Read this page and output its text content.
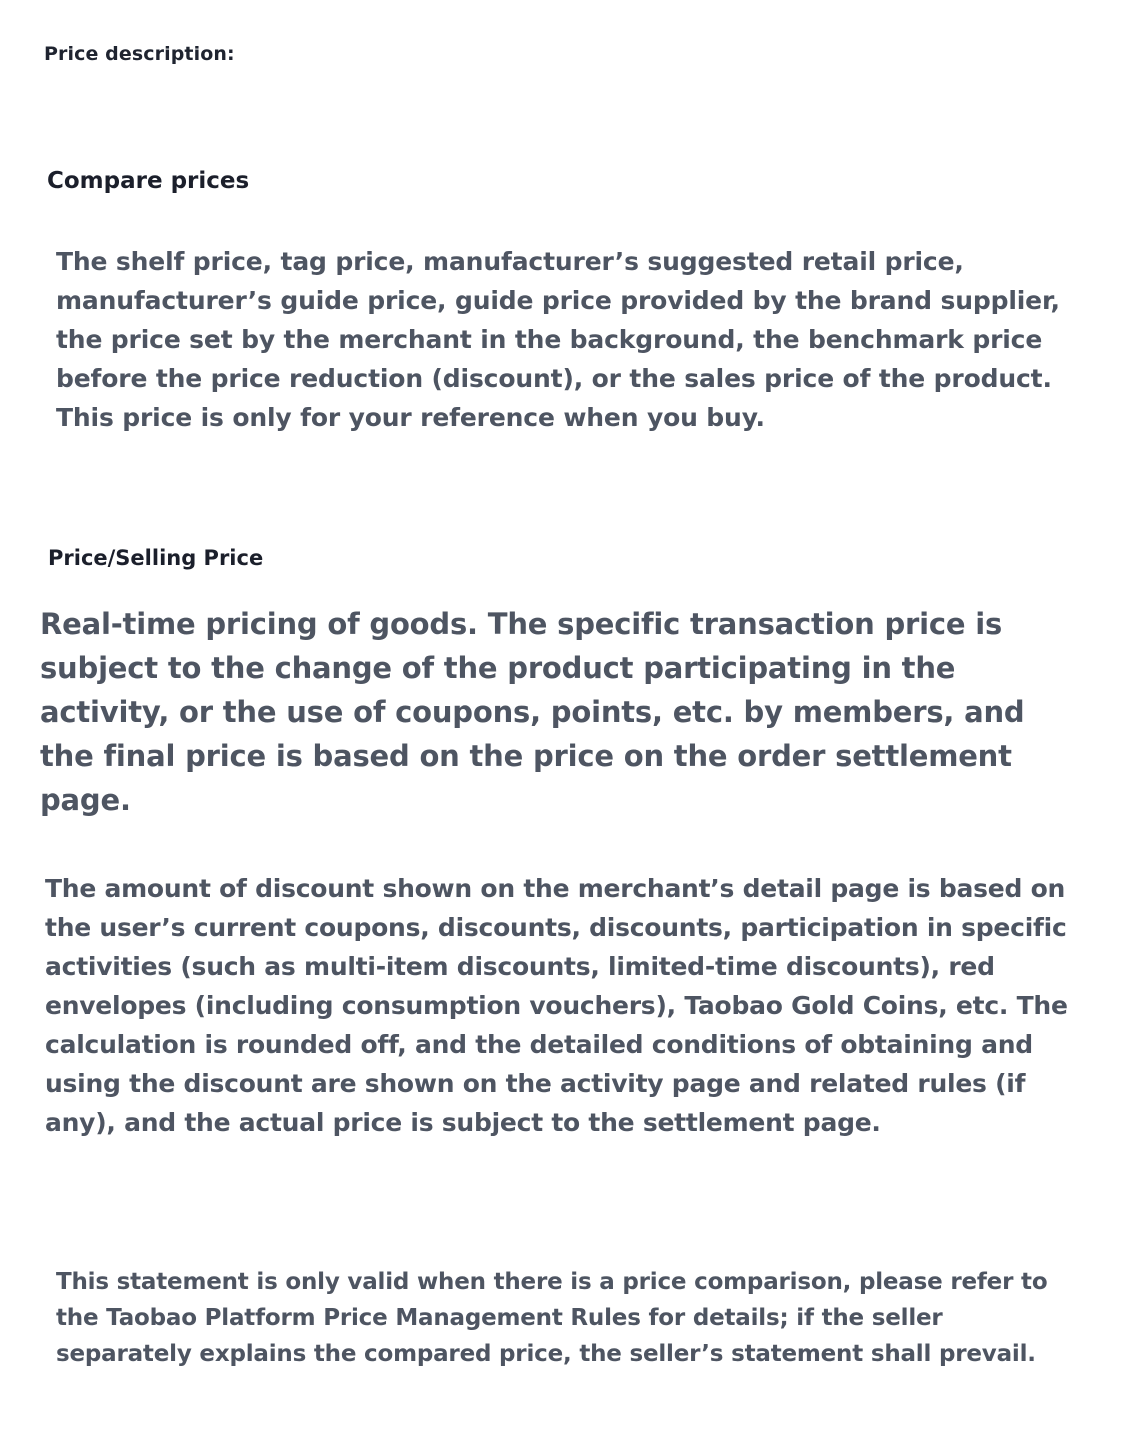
Price description:
Compare prices

The shelf price, tag price, manufacturer’s suggested retail price, manufacturer’s guide price, guide price provided by the brand supplier, the price set by the merchant in the background, the benchmark price before the price reduction (discount), or the sales price of the product. This price is only for your reference when you buy.

Price/Selling Price

Real-time pricing of goods. The specific transaction price is subject to the change of the product participating in the activity, or the use of coupons, points, etc. by members, and the final price is based on the price on the order settlement page.

The amount of discount shown on the merchant’s detail page is based on the user’s current coupons, discounts, discounts, participation in specific activities (such as multi-item discounts, limited-time discounts), red envelopes (including consumption vouchers), Taobao Gold Coins, etc. The calculation is rounded off, and the detailed conditions of obtaining and using the discount are shown on the activity page and related rules (if any), and the actual price is subject to the settlement page.

This statement is only valid when there is a price comparison, please refer to the Taobao Platform Price Management Rules for details; if the seller separately explains the compared price, the seller’s statement shall prevail.
